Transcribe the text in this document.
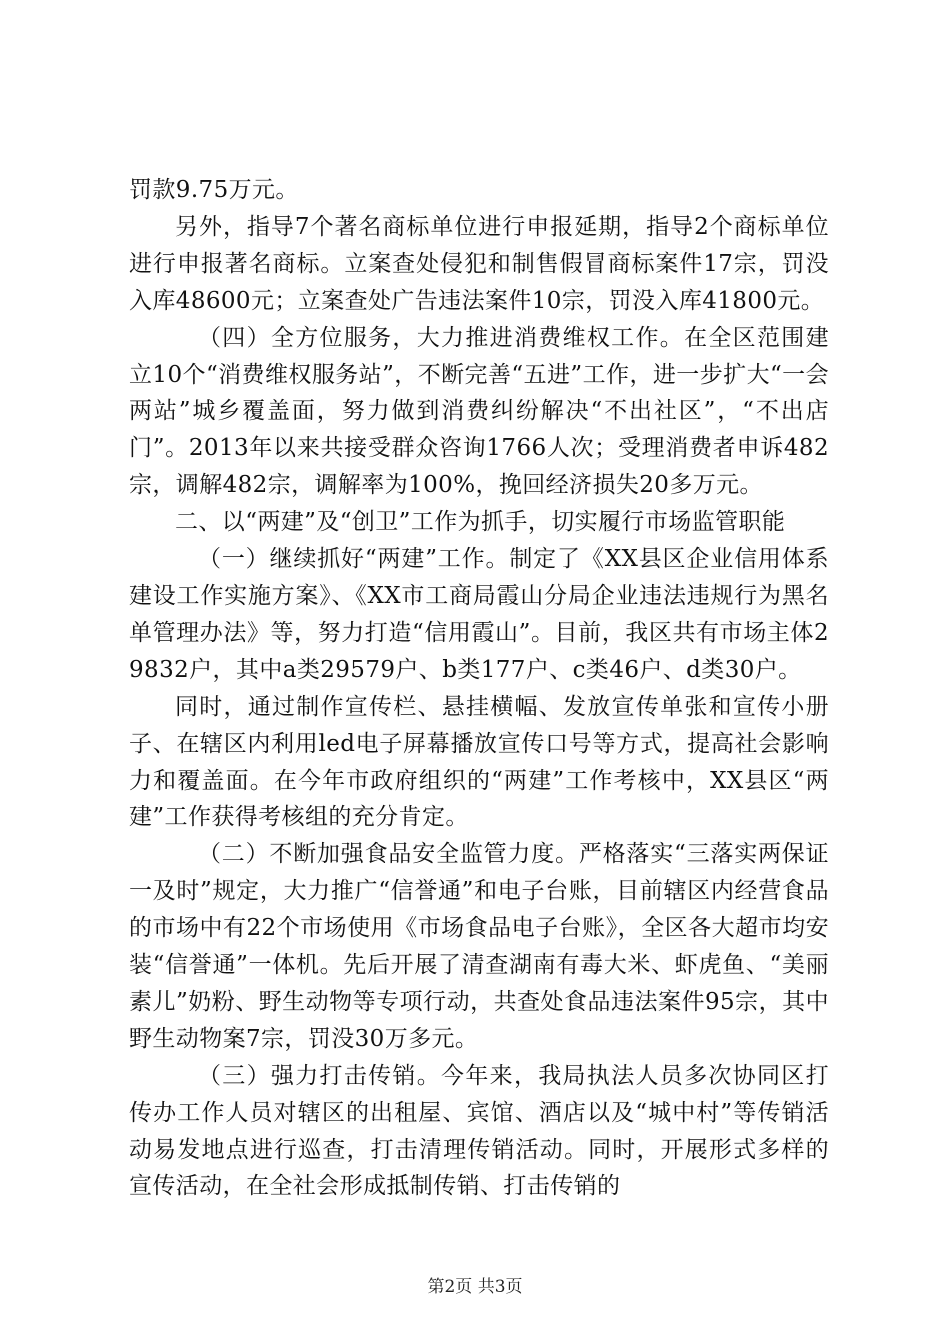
罚款9.75万元。

另外，指导7个著名商标单位进行申报延期，指导2个商标单位进行申报著名商标。立案查处侵犯和制售假冒商标案件17宗，罚没入库48600元；立案查处广告违法案件10宗，罚没入库41800元。

（四）全方位服务，大力推进消费维权工作。在全区范围建立10个“消费维权服务站”，不断完善“五进”工作，进一步扩大“一会两站”城乡覆盖面，努力做到消费纠纷解决“不出社区”，“不出店门”。2013年以来共接受群众咨询1766人次；受理消费者申诉482宗，调解482宗，调解率为100%，挽回经济损失20多万元。

二、以“两建”及“创卫”工作为抓手，切实履行市场监管职能

（一）继续抓好“两建”工作。制定了《XX县区企业信用体系建设工作实施方案》、《XX市工商局霞山分局企业违法违规行为黑名单管理办法》等，努力打造“信用霞山”。目前，我区共有市场主体29832户，其中a类29579户、b类177户、c类46户、d类30户。

同时，通过制作宣传栏、悬挂横幅、发放宣传单张和宣传小册子、在辖区内利用led电子屏幕播放宣传口号等方式，提高社会影响力和覆盖面。在今年市政府组织的“两建”工作考核中，XX县区“两建”工作获得考核组的充分肯定。

（二）不断加强食品安全监管力度。严格落实“三落实两保证一及时”规定，大力推广“信誉通”和电子台账，目前辖区内经营食品的市场中有22个市场使用《市场食品电子台账》，全区各大超市均安装“信誉通”一体机。先后开展了清查湖南有毒大米、虾虎鱼、“美丽素儿”奶粉、野生动物等专项行动，共查处食品违法案件95宗，其中野生动物案7宗，罚没30万多元。

（三）强力打击传销。今年来，我局执法人员多次协同区打传办工作人员对辖区的出租屋、宾馆、酒店以及“城中村”等传销活动易发地点进行巡查，打击清理传销活动。同时，开展形式多样的宣传活动，在全社会形成抵制传销、打击传销的

第2页 共3页
